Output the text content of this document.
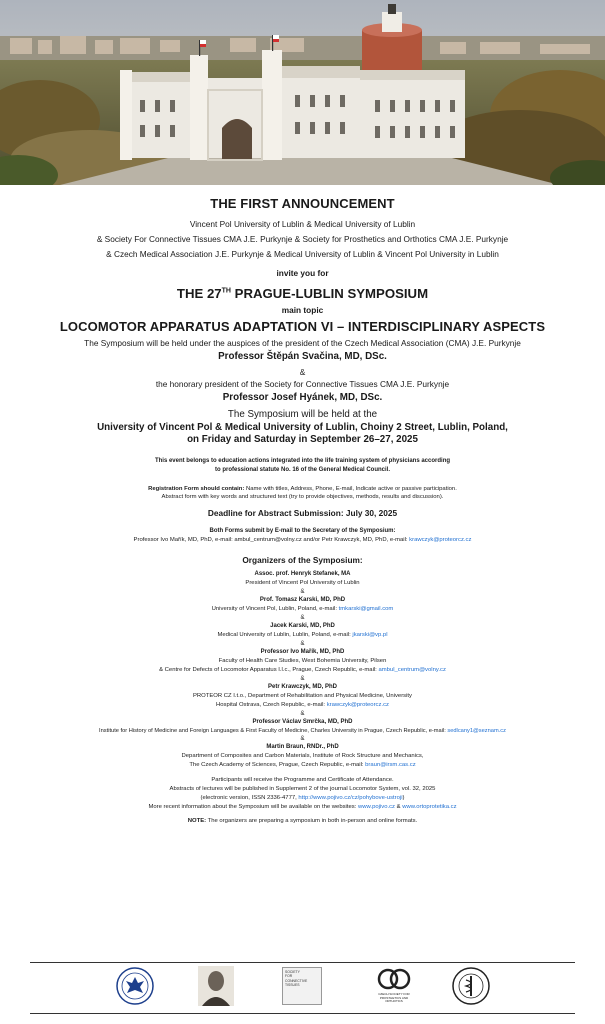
THE FIRST ANNOUNCEMENT
Vincent Pol University of Lublin & Medical University of Lublin
& Society For Connective Tissues CMA J.E. Purkynje & Society for Prosthetics and Orthotics CMA J.E. Purkynje
& Czech Medical Association J.E. Purkynje & Medical University of Lublin & Vincent Pol University in Lublin
invite you for
THE 27TH PRAGUE-LUBLIN SYMPOSIUM
main topic
LOCOMOTOR APPARATUS ADAPTATION VI – INTERDISCIPLINARY ASPECTS
The Symposium will be held under the auspices of the president of the Czech Medical Association (CMA) J.E. Purkynje
Professor Štěpán Svačina, MD, DSc.
&
the honorary president of the Society for Connective Tissues CMA J.E. Purkynje
Professor Josef Hyánek, MD, DSc.
The Symposium will be held at the
University of Vincent Pol & Medical University of Lublin, Choiny 2 Street, Lublin, Poland,
on Friday and Saturday in September 26–27, 2025
This event belongs to education actions integrated into the life training system of physicians according
to professional statute No. 16 of the General Medical Council.
Registration Form should contain: Name with titles, Address, Phone, E-mail, Indicate active or passive participation.
Abstract form with key words and structured text (try to provide objectives, methods, results and discussion).
Deadline for Abstract Submission: July 30, 2025
Both Forms submit by E-mail to the Secretary of the Symposium:
Professor Ivo Mařík, MD, PhD, e-mail: ambul_centrum@volny.cz and/or Petr Krawczyk, MD, PhD, e-mail: krawczyk@proteorcz.cz
Organizers of the Symposium:
Assoc. prof. Henryk Stefanek, MA
President of Vincent Pol University of Lublin
&
Prof. Tomasz Karski, MD, PhD
University of Vincent Pol, Lublin, Poland, e-mail: tmkarski@gmail.com
&
Jacek Karski, MD, PhD
Medical University of Lublin, Lublin, Poland, e-mail: jkarski@vp.pl
&
Professor Ivo Mařík, MD, PhD
Faculty of Health Care Studies, West Bohemia University, Pilsen
& Centre for Defects of Locomotor Apparatus I.l.c., Prague, Czech Republic, e-mail: ambul_centrum@volny.cz
&
Petr Krawczyk, MD, PhD
PROTEOR CZ I.t.o., Department of Rehabilitation and Physical Medicine, University
Hospital Ostrava, Czech Republic, e-mail: krawczyk@proteorcz.cz
&
Professor Václav Smrčka, MD, PhD
Institute for History of Medicine and Foreign Languages & First Faculty of Medicine, Charles University in Prague, Czech Republic, e-mail: sedlcany1@seznam.cz
&
Martin Braun, RNDr., PhD
Department of Composites and Carbon Materials, Institute of Rock Structure and Mechanics,
The Czech Academy of Sciences, Prague, Czech Republic, e-mail: braun@irsm.cas.cz
Participants will receive the Programme and Certificate of Attendance.
Abstracts of lectures will be published in Supplement 2 of the journal Locomotor System, vol. 32, 2025
(electronic version, ISSN 2336-4777, http://www.pojivo.cz/cz/pohybove-ustroji)
More recent information about the Symposium will be available on the websites: www.pojivo.cz & www.ortoprotetika.cz
NOTE: The organizers are preparing a symposium in both in-person and online formats.
SOCIETY
FOR
CONNECTIVE
TISSUES
CZECH SOCIETY FOR PROSTHETICS AND ORTHOTICS
